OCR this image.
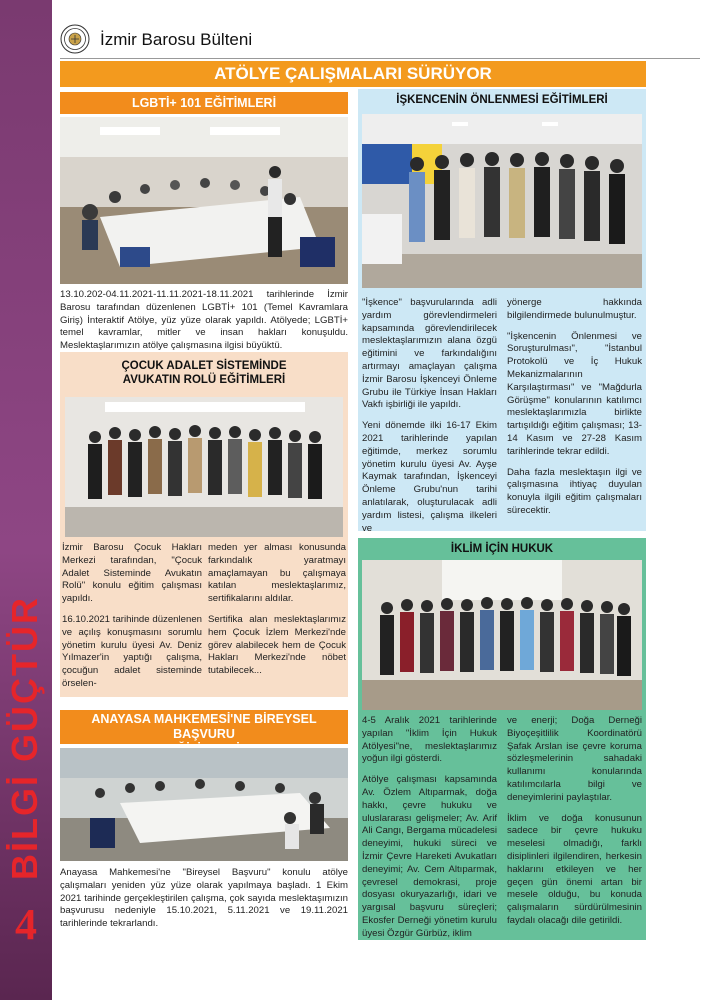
BİLGİ GÜÇTÜR
4
İzmir Barosu Bülteni
ATÖLYE ÇALIŞMALARI SÜRÜYOR
LGBTİ+ 101 EĞİTİMLERİ
13.10.202-04.11.2021-11.11.2021-18.11.2021 tarihlerinde İzmir Barosu tarafından düzenlenen LGBTİ+ 101 (Temel Kavramlara Giriş) İnteraktif Atölye, yüz yüze olarak yapıldı. Atölyede; LGBTİ+ temel kavramlar, mitler ve insan hakları konuşuldu. Meslektaşlarımızın atölye çalışmasına ilgisi büyüktü.
ÇOCUK ADALET SİSTEMİNDE
AVUKATIN ROLÜ EĞİTİMLERİ

İzmir Barosu Çocuk Hakları Merkezi tarafından, "Çocuk Adalet Sisteminde Avukatın Rolü" konulu eğitim çalışması yapıldı.

16.10.2021 tarihinde düzenlenen ve açılış konuşmasını sorumlu yönetim kurulu üyesi Av. Deniz Yılmazer'in yaptığı çalışma, çocuğun adalet sisteminde örselen-

meden yer alması konusunda farkındalık yaratmayı amaçlamayan bu çalışmaya katılan meslektaşlarımız, sertifikalarını aldılar.

Sertifika alan meslektaşlarımız hem Çocuk İzlem Merkezi'nde görev alabilecek hem de Çocuk Hakları Merkezi'nde nöbet tutabilecek...

ANAYASA MAHKEMESİ'NE BİREYSEL BAŞVURU
Anayasa Mahkemesi'ne "Bireysel Başvuru" konulu atölye çalışmaları yeniden yüz yüze olarak yapılmaya başladı. 1 Ekim 2021 tarihinde gerçekleştirilen çalışma, çok sayıda meslektaşımızın başvurusu nedeniyle 15.10.2021, 5.11.2021 ve 19.11.2021 tarihlerinde tekrarlandı.
İŞKENCENİN ÖNLENMESİ EĞİTİMLERİ

"İşkence" başvurularında adli yardım görevlendirmeleri kapsamında görevlendirilecek meslektaşlarımızın alana özgü eğitimini ve farkındalığını artırmayı amaçlayan çalışma İzmir Barosu İşkenceyi Önleme Grubu ile Türkiye İnsan Hakları Vakfı işbirliği ile yapıldı.

Yeni dönemde ilki 16-17 Ekim 2021 tarihlerinde yapılan eğitimde, merkez sorumlu yönetim kurulu üyesi Av. Ayşe Kaymak tarafından, İşkenceyi Önleme Grubu'nun tarihi anlatılarak, oluşturulacak adli yardım listesi, çalışma ilkeleri ve

yönerge hakkında bilgilendirmede bulunulmuştur.

"İşkencenin Önlenmesi ve Soruşturulması", "İstanbul Protokolü ve İç Hukuk Mekanizmalarının Karşılaştırması" ve "Mağdurla Görüşme" konularının katılımcı meslektaşlarımızla birlikte tartışıldığı eğitim çalışması; 13-14 Kasım ve 27-28 Kasım tarihlerinde tekrar edildi.

Daha fazla meslektaşın ilgi ve çalışmasına ihtiyaç duyulan konuyla ilgili eğitim çalışmaları sürecektir.

İKLİM İÇİN HUKUK

4-5 Aralık 2021 tarihlerinde yapılan "İklim İçin Hukuk Atölyesi"ne, meslektaşlarımız yoğun ilgi gösterdi.

Atölye çalışması kapsamında Av. Özlem Altıparmak, doğa hakkı, çevre hukuku ve uluslararası gelişmeler; Av. Arif Ali Cangı, Bergama mücadelesi deneyimi, hukuki süreci ve İzmir Çevre Hareketi Avukatları deneyimi; Av. Cem Altıparmak, çevresel demokrasi, proje dosyası okuryazarlığı, idari ve yargısal başvuru süreçleri; Ekosfer Derneği yönetim kurulu üyesi Özgür Gürbüz, iklim

ve enerji; Doğa Derneği Biyoçeşitlilik Koordinatörü Şafak Arslan ise çevre koruma sözleşmelerinin sahadaki kullanımı konularında katılımcılarla bilgi ve deneyimlerini paylaştılar.

İklim ve doğa konusunun sadece bir çevre hukuku meselesi olmadığı, farklı disiplinleri ilgilendiren, herkesin haklarını etkileyen ve her geçen gün önemi artan bir mesele olduğu, bu konuda çalışmaların sürdürülmesinin faydalı olacağı dile getirildi.
